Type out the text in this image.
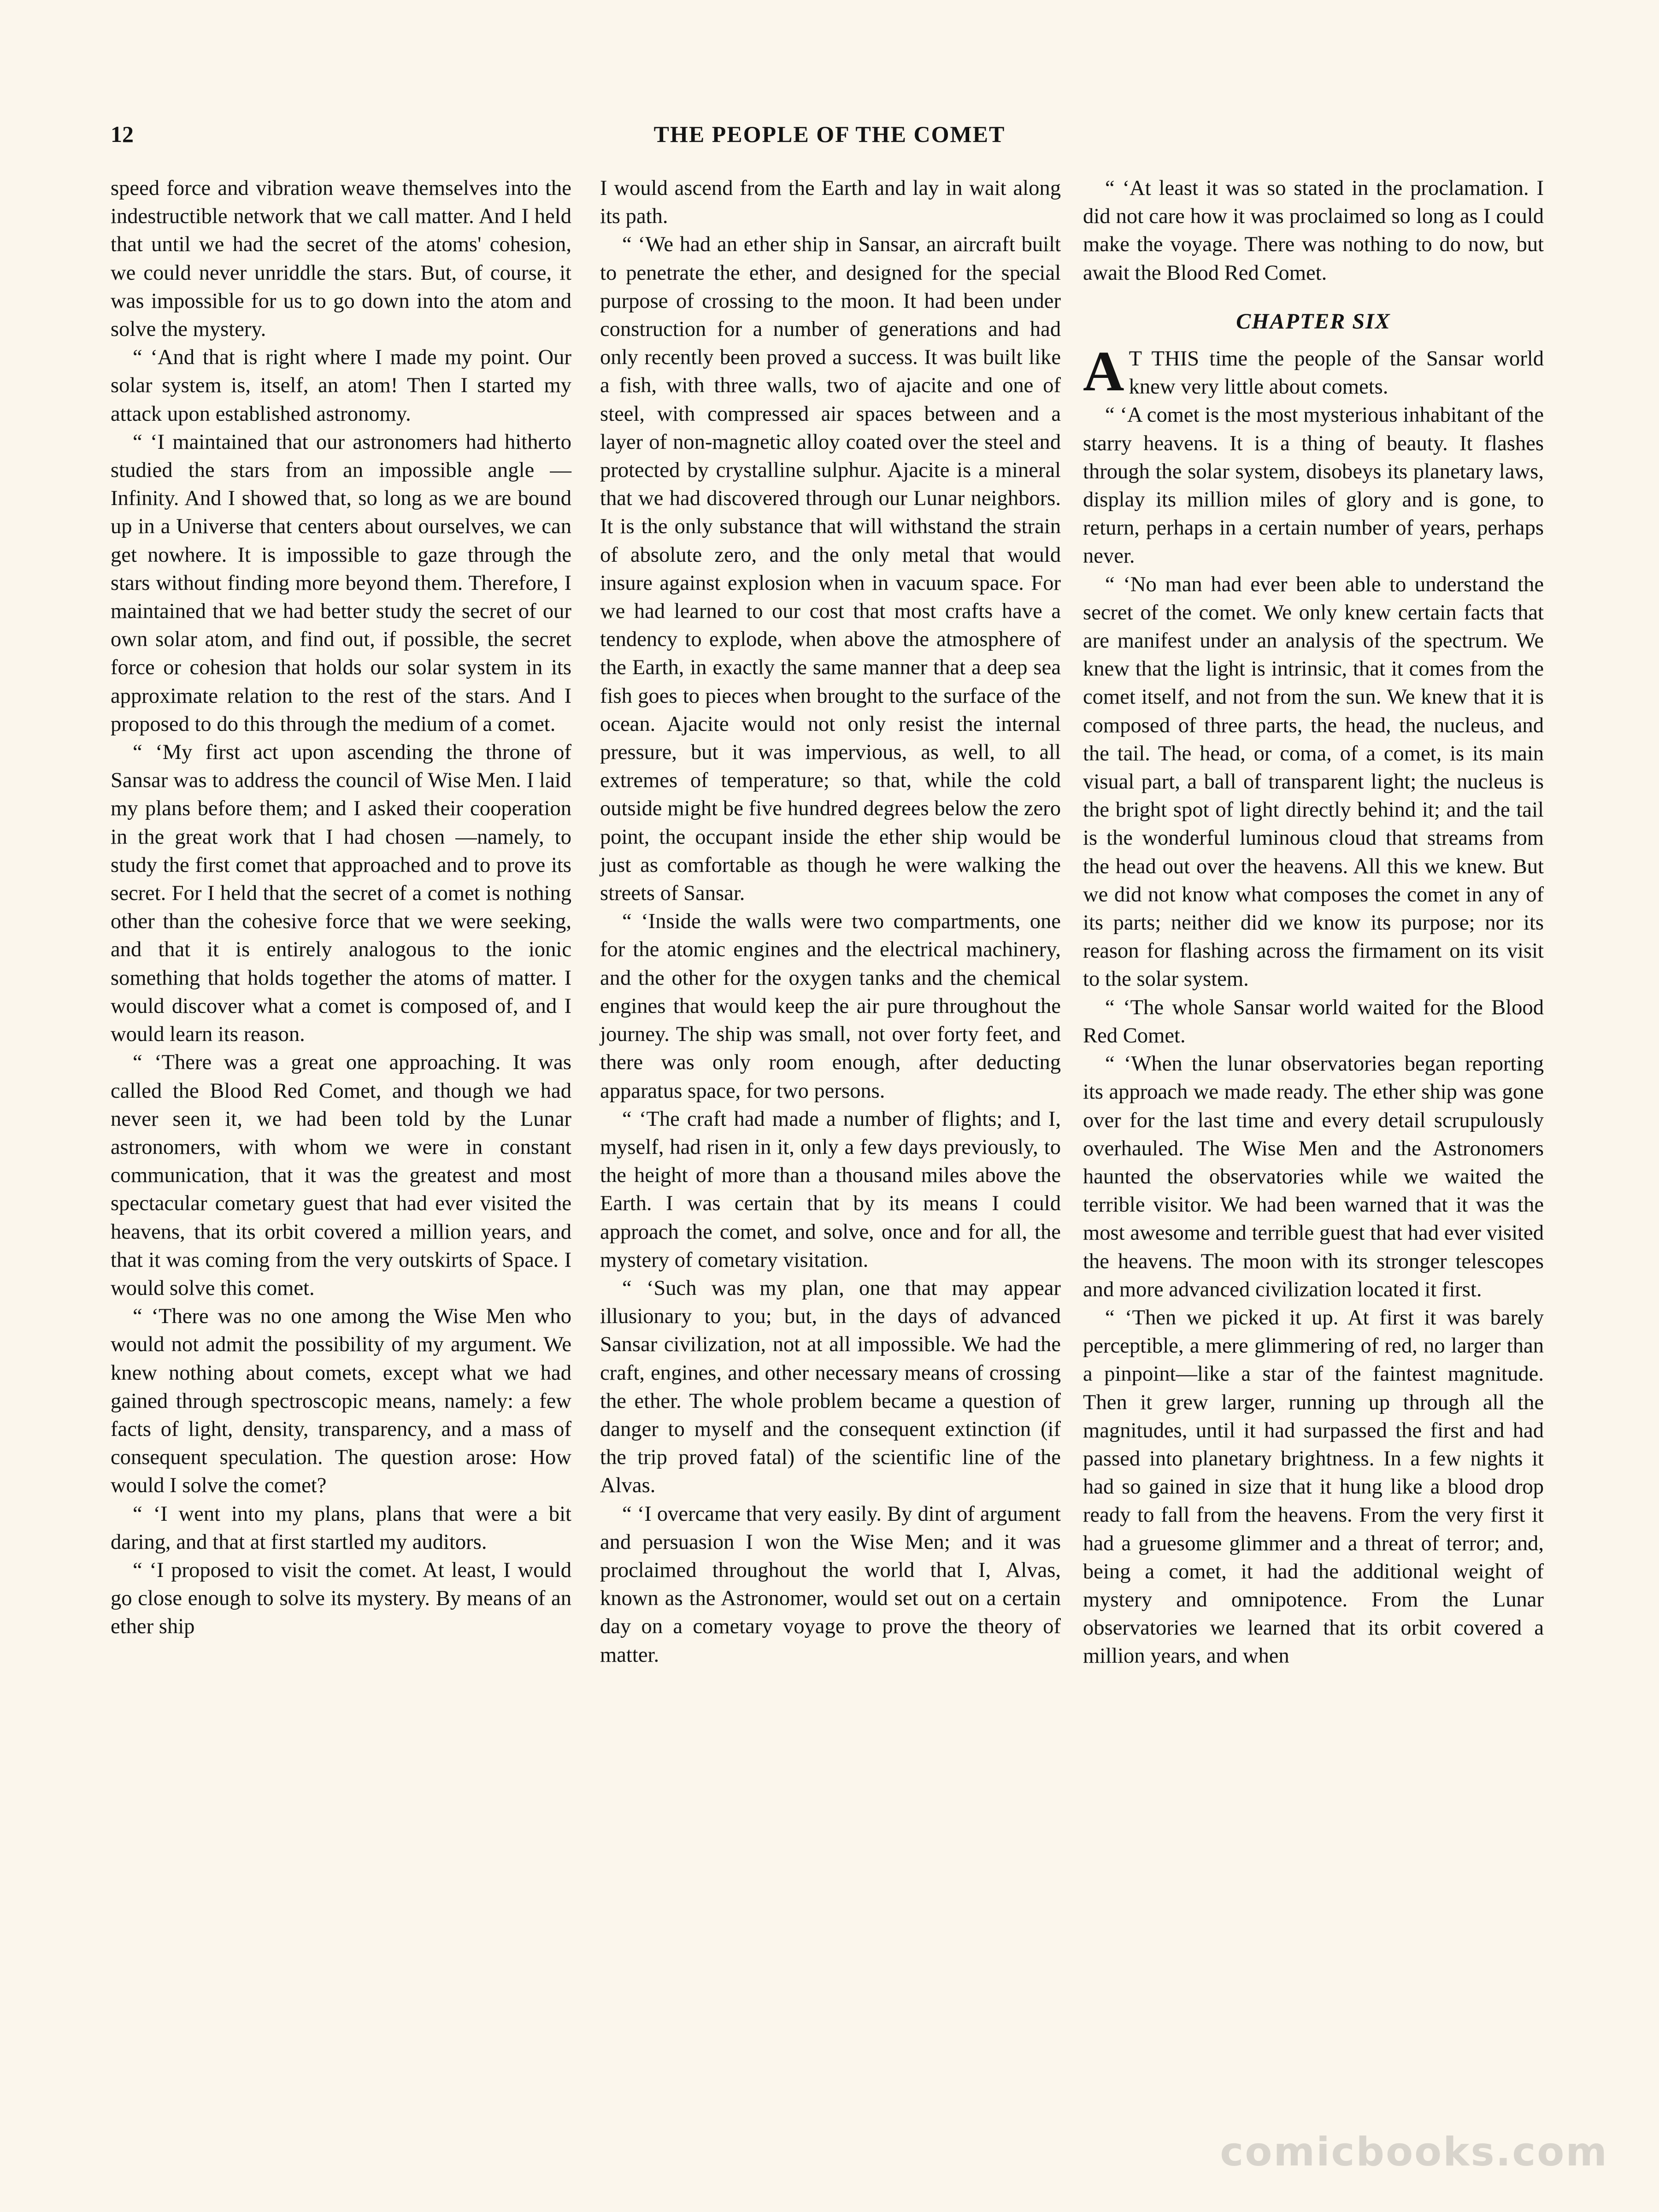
12	THE PEOPLE OF THE COMET

speed force and vibration weave themselves into the indestructible network that we call matter. And I held that until we had the secret of the atoms' cohesion, we could never unriddle the stars. But, of course, it was impossible for us to go down into the atom and solve the mystery.

“ ‘And that is right where I made my point. Our solar system is, itself, an atom! Then I started my attack upon established astronomy.

“ ‘I maintained that our astronomers had hitherto studied the stars from an impossible angle — Infinity. And I showed that, so long as we are bound up in a Universe that centers about ourselves, we can get nowhere. It is impossible to gaze through the stars without finding more beyond them. Therefore, I maintained that we had better study the secret of our own solar atom, and find out, if possible, the secret force or cohesion that holds our solar system in its approximate relation to the rest of the stars. And I proposed to do this through the medium of a comet.

“ ‘My first act upon ascending the throne of Sansar was to address the council of Wise Men. I laid my plans before them; and I asked their cooperation in the great work that I had chosen —namely, to study the first comet that approached and to prove its secret. For I held that the secret of a comet is nothing other than the cohesive force that we were seeking, and that it is entirely analogous to the ionic something that holds together the atoms of matter. I would discover what a comet is composed of, and I would learn its reason.

“ ‘There was a great one approaching. It was called the Blood Red Comet, and though we had never seen it, we had been told by the Lunar astronomers, with whom we were in constant communication, that it was the greatest and most spectacular cometary guest that had ever visited the heavens, that its orbit covered a million years, and that it was coming from the very outskirts of Space. I would solve this comet.

“ ‘There was no one among the Wise Men who would not admit the possibility of my argument. We knew nothing about comets, except what we had gained through spectroscopic means, namely: a few facts of light, density, transparency, and a mass of consequent speculation. The question arose: How would I solve the comet?

“ ‘I went into my plans, plans that were a bit daring, and that at first startled my auditors.

“ ‘I proposed to visit the comet. At least, I would go close enough to solve its mystery. By means of an ether ship

I would ascend from the Earth and lay in wait along its path.

“ ‘We had an ether ship in Sansar, an aircraft built to penetrate the ether, and designed for the special purpose of crossing to the moon. It had been under construction for a number of generations and had only recently been proved a success. It was built like a fish, with three walls, two of ajacite and one of steel, with compressed air spaces between and a layer of non-magnetic alloy coated over the steel and protected by crystalline sulphur. Ajacite is a mineral that we had discovered through our Lunar neighbors. It is the only substance that will withstand the strain of absolute zero, and the only metal that would insure against explosion when in vacuum space. For we had learned to our cost that most crafts have a tendency to explode, when above the atmosphere of the Earth, in exactly the same manner that a deep sea fish goes to pieces when brought to the surface of the ocean. Ajacite would not only resist the internal pressure, but it was impervious, as well, to all extremes of temperature; so that, while the cold outside might be five hundred degrees below the zero point, the occupant inside the ether ship would be just as comfortable as though he were walking the streets of Sansar.

“ ‘Inside the walls were two compartments, one for the atomic engines and the electrical machinery, and the other for the oxygen tanks and the chemical engines that would keep the air pure throughout the journey. The ship was small, not over forty feet, and there was only room enough, after deducting apparatus space, for two persons.

“ ‘The craft had made a number of flights; and I, myself, had risen in it, only a few days previously, to the height of more than a thousand miles above the Earth. I was certain that by its means I could approach the comet, and solve, once and for all, the mystery of cometary visitation.

“ ‘Such was my plan, one that may appear illusionary to you; but, in the days of advanced Sansar civilization, not at all impossible. We had the craft, engines, and other necessary means of crossing the ether. The whole problem became a question of danger to myself and the consequent extinction (if the trip proved fatal) of the scientific line of the Alvas.

“ ‘I overcame that very easily. By dint of argument and persuasion I won the Wise Men; and it was proclaimed throughout the world that I, Alvas, known as the Astronomer, would set out on a certain day on a cometary voyage to prove the theory of matter.

“ ‘At least it was so stated in the proclamation. I did not care how it was proclaimed so long as I could make the voyage. There was nothing to do now, but await the Blood Red Comet.

CHAPTER SIX

A T THIS time the people of the Sansar world knew very little about comets.

“ ‘A comet is the most mysterious inhabitant of the starry heavens. It is a thing of beauty. It flashes through the solar system, disobeys its planetary laws, display its million miles of glory and is gone, to return, perhaps in a certain number of years, perhaps never.

“ ‘No man had ever been able to understand the secret of the comet. We only knew certain facts that are manifest under an analysis of the spectrum. We knew that the light is intrinsic, that it comes from the comet itself, and not from the sun. We knew that it is composed of three parts, the head, the nucleus, and the tail. The head, or coma, of a comet, is its main visual part, a ball of transparent light; the nucleus is the bright spot of light directly behind it; and the tail is the wonderful luminous cloud that streams from the head out over the heavens. All this we knew. But we did not know what composes the comet in any of its parts; neither did we know its purpose; nor its reason for flashing across the firmament on its visit to the solar system.

“ ‘The whole Sansar world waited for the Blood Red Comet.

“ ‘When the lunar observatories began reporting its approach we made ready. The ether ship was gone over for the last time and every detail scrupulously overhauled. The Wise Men and the Astronomers haunted the observatories while we waited the terrible visitor. We had been warned that it was the most awesome and terrible guest that had ever visited the heavens. The moon with its stronger telescopes and more advanced civilization located it first.

“ ‘Then we picked it up. At first it was barely perceptible, a mere glimmering of red, no larger than a pinpoint—like a star of the faintest magnitude. Then it grew larger, running up through all the magnitudes, until it had surpassed the first and had passed into planetary brightness. In a few nights it had so gained in size that it hung like a blood drop ready to fall from the heavens. From the very first it had a gruesome glimmer and a threat of terror; and, being a comet, it had the additional weight of mystery and omnipotence. From the Lunar observatories we learned that its orbit covered a million years, and when

comicbooks.com
